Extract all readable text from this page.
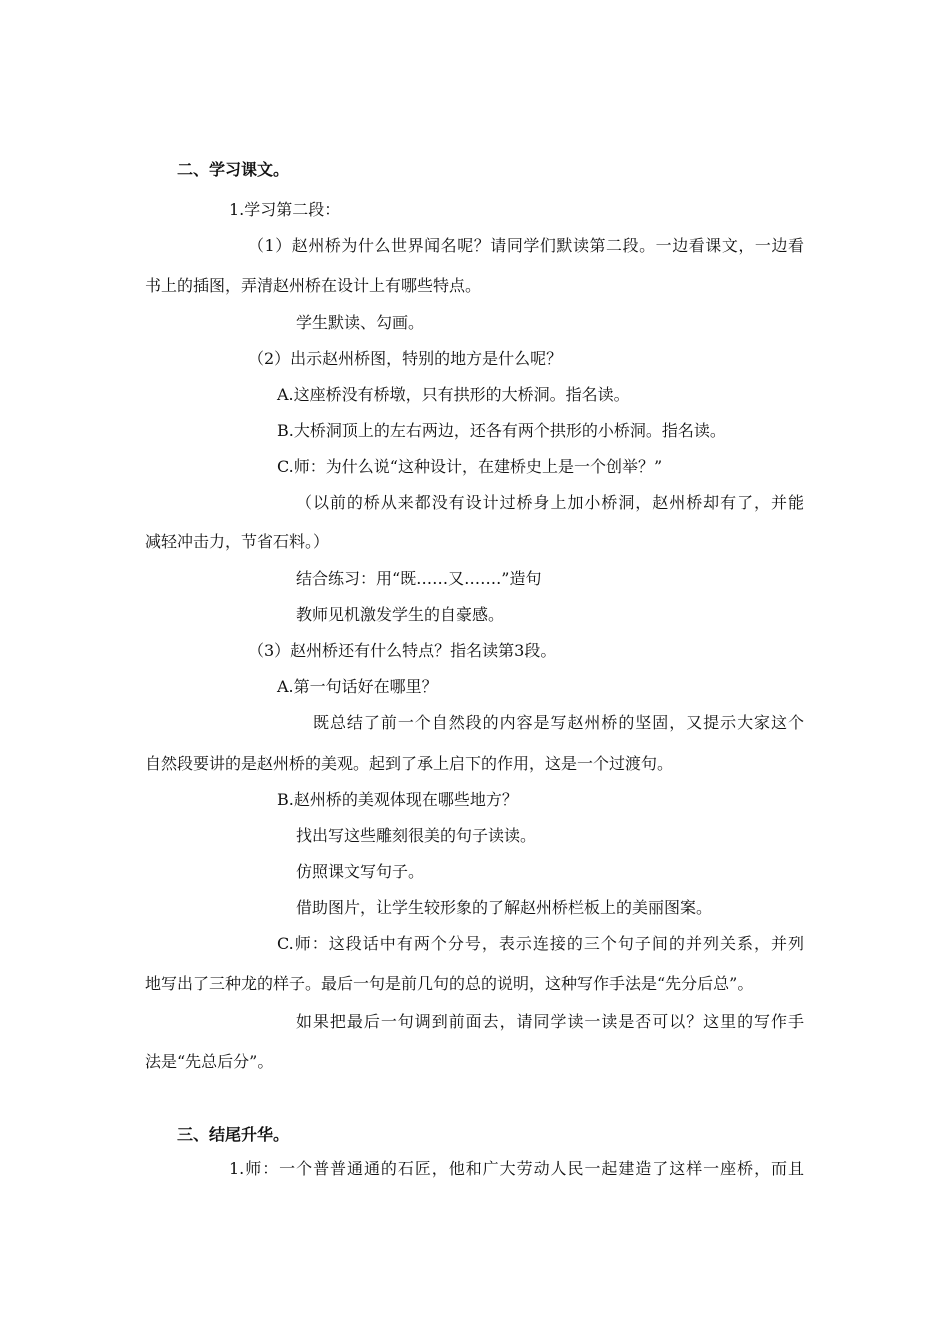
二、学习课文。
1.学习第二段：
（1）赵州桥为什么世界闻名呢？请同学们默读第二段。一边看课文，一边看
书上的插图，弄清赵州桥在设计上有哪些特点。
学生默读、勾画。
（2）出示赵州桥图，特别的地方是什么呢？
A.这座桥没有桥墩，只有拱形的大桥洞。指名读。
B.大桥洞顶上的左右两边，还各有两个拱形的小桥洞。指名读。
C.师：为什么说“这种设计，在建桥史上是一个创举？”
（以前的桥从来都没有设计过桥身上加小桥洞，赵州桥却有了，并能
减轻冲击力，节省石料。）
结合练习：用“既……又…….”造句
教师见机激发学生的自豪感。
（3）赵州桥还有什么特点？指名读第3段。
A.第一句话好在哪里？
既总结了前一个自然段的内容是写赵州桥的坚固，又提示大家这个
自然段要讲的是赵州桥的美观。起到了承上启下的作用，这是一个过渡句。
B.赵州桥的美观体现在哪些地方？
找出写这些雕刻很美的句子读读。
仿照课文写句子。
借助图片，让学生较形象的了解赵州桥栏板上的美丽图案。
C.师：这段话中有两个分号，表示连接的三个句子间的并列关系，并列
地写出了三种龙的样子。最后一句是前几句的总的说明，这种写作手法是“先分后总”。
如果把最后一句调到前面去，请同学读一读是否可以？这里的写作手
法是“先总后分”。
三、结尾升华。
1.师：一个普普通通的石匠，他和广大劳动人民一起建造了这样一座桥，而且
